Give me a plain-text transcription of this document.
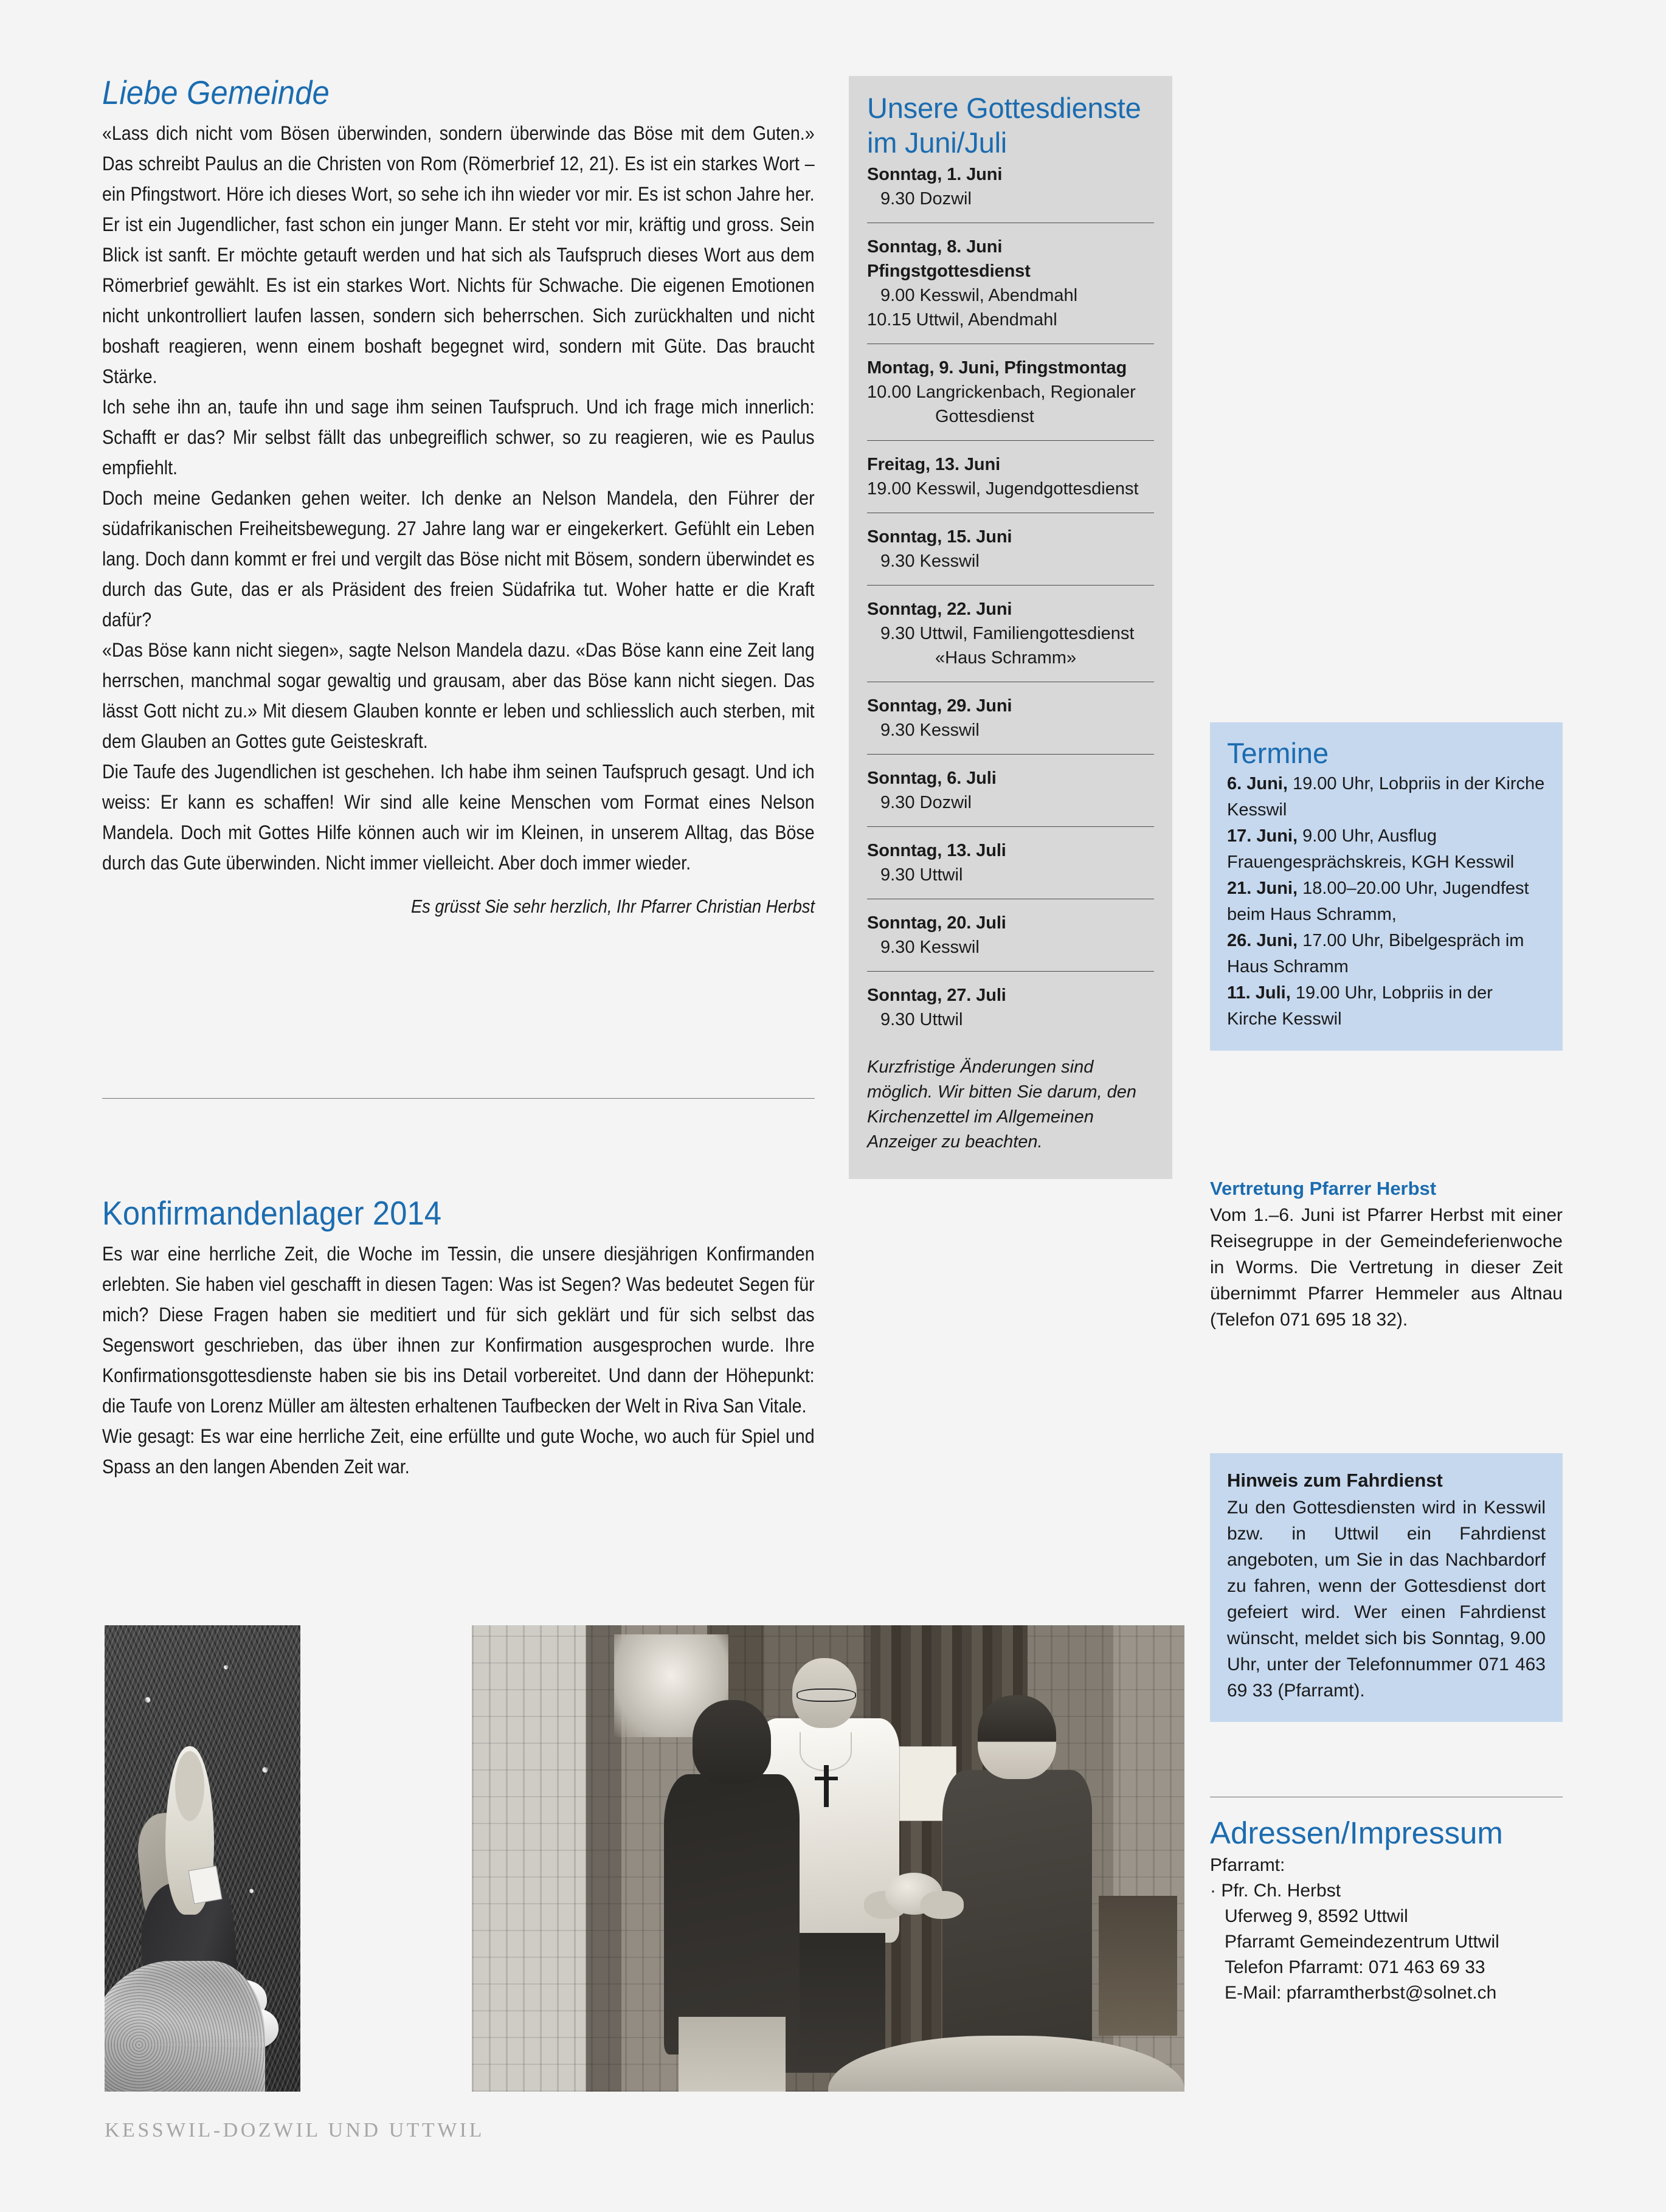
Liebe Gemeinde

«Lass dich nicht vom Bösen überwinden, sondern überwinde das Böse mit dem Guten.» Das schreibt Paulus an die Christen von Rom (Römerbrief 12, 21). Es ist ein starkes Wort – ein Pfingstwort. Höre ich dieses Wort, so sehe ich ihn wieder vor mir. Es ist schon Jahre her. Er ist ein Jugendlicher, fast schon ein junger Mann. Er steht vor mir, kräftig und gross. Sein Blick ist sanft. Er möchte getauft werden und hat sich als Taufspruch dieses Wort aus dem Römerbrief gewählt. Es ist ein starkes Wort. Nichts für Schwache. Die eigenen Emotionen nicht unkontrolliert laufen lassen, sondern sich beherrschen. Sich zurückhalten und nicht boshaft reagieren, wenn einem boshaft begegnet wird, sondern mit Güte. Das braucht Stärke.

Ich sehe ihn an, taufe ihn und sage ihm seinen Taufspruch. Und ich frage mich innerlich: Schafft er das? Mir selbst fällt das unbegreiflich schwer, so zu reagieren, wie es Paulus empfiehlt.

Doch meine Gedanken gehen weiter. Ich denke an Nelson Mandela, den Führer der südafrikanischen Freiheitsbewegung. 27 Jahre lang war er eingekerkert. Gefühlt ein Leben lang. Doch dann kommt er frei und vergilt das Böse nicht mit Bösem, sondern überwindet es durch das Gute, das er als Präsident des freien Südafrika tut. Woher hatte er die Kraft dafür?

«Das Böse kann nicht siegen», sagte Nelson Mandela dazu. «Das Böse kann eine Zeit lang herrschen, manchmal sogar gewaltig und grausam, aber das Böse kann nicht siegen. Das lässt Gott nicht zu.» Mit diesem Glauben konnte er leben und schliesslich auch sterben, mit dem Glauben an Gottes gute Geisteskraft.

Die Taufe des Jugendlichen ist geschehen. Ich habe ihm seinen Taufspruch gesagt. Und ich weiss: Er kann es schaffen! Wir sind alle keine Menschen vom Format eines Nelson Mandela. Doch mit Gottes Hilfe können auch wir im Kleinen, in unserem Alltag, das Böse durch das Gute überwinden. Nicht immer vielleicht. Aber doch immer wieder.

Es grüsst Sie sehr herzlich, Ihr Pfarrer Christian Herbst

Konfirmandenlager 2014

Es war eine herrliche Zeit, die Woche im Tessin, die unsere diesjährigen Konfirmanden erlebten. Sie haben viel geschafft in diesen Tagen: Was ist Segen? Was bedeutet Segen für mich? Diese Fragen haben sie meditiert und für sich geklärt und für sich selbst das Segenswort geschrieben, das über ihnen zur Konfirmation ausgesprochen wurde. Ihre Konfirmationsgottesdienste haben sie bis ins Detail vorbereitet. Und dann der Höhepunkt: die Taufe von Lorenz Müller am ältesten erhaltenen Taufbecken der Welt in Riva San Vitale.

Wie gesagt: Es war eine herrliche Zeit, eine erfüllte und gute Woche, wo auch für Spiel und Spass an den langen Abenden Zeit war.

Unsere Gottesdienste
im Juni/Juli

Sonntag, 1. Juni

9.30 Dozwil

Sonntag, 8. Juni

Pfingstgottesdienst

9.00 Kesswil, Abendmahl

10.15 Uttwil, Abendmahl

Montag, 9. Juni, Pfingstmontag

10.00 Langrickenbach, Regionaler

Gottesdienst

Freitag, 13. Juni

19.00 Kesswil, Jugendgottesdienst

Sonntag, 15. Juni

9.30 Kesswil

Sonntag, 22. Juni

9.30 Uttwil, Familiengottesdienst

«Haus Schramm»

Sonntag, 29. Juni

9.30 Kesswil

Sonntag, 6. Juli

9.30 Dozwil

Sonntag, 13. Juli

9.30 Uttwil

Sonntag, 20. Juli

9.30 Kesswil

Sonntag, 27. Juli

9.30 Uttwil

Kurzfristige Änderungen sind möglich. Wir bitten Sie darum, den Kirchenzettel im Allgemeinen Anzeiger zu beachten.

Termine

6. Juni, 19.00 Uhr, Lobpriis in der Kirche Kesswil
17. Juni, 9.00 Uhr, Ausflug Frauengesprächskreis, KGH Kesswil
21. Juni, 18.00–20.00 Uhr, Jugendfest beim Haus Schramm,
26. Juni, 17.00 Uhr, Bibelgespräch im Haus Schramm
11. Juli, 19.00 Uhr, Lobpriis in der Kirche Kesswil

Vertretung Pfarrer Herbst

Vom 1.–6. Juni ist Pfarrer Herbst mit einer Reisegruppe in der Gemeindeferienwoche in Worms. Die Vertretung in dieser Zeit übernimmt Pfarrer Hemmeler aus Altnau (Telefon 071 695 18 32).

Hinweis zum Fahrdienst

Zu den Gottesdiensten wird in Kesswil bzw. in Uttwil ein Fahrdienst angeboten, um Sie in das Nachbardorf zu fahren, wenn der Gottesdienst dort gefeiert wird. Wer einen Fahrdienst wünscht, meldet sich bis Sonntag, 9.00 Uhr, unter der Telefonnummer 071 463 69 33 (Pfarramt).

Adressen/Impressum

Pfarramt:

· Pfr. Ch. Herbst

Uferweg 9, 8592 Uttwil

Pfarramt Gemeindezentrum Uttwil

Telefon Pfarramt: 071 463 69 33

E-Mail: pfarramtherbst@solnet.ch

KESSWIL-DOZWIL UND UTTWIL
